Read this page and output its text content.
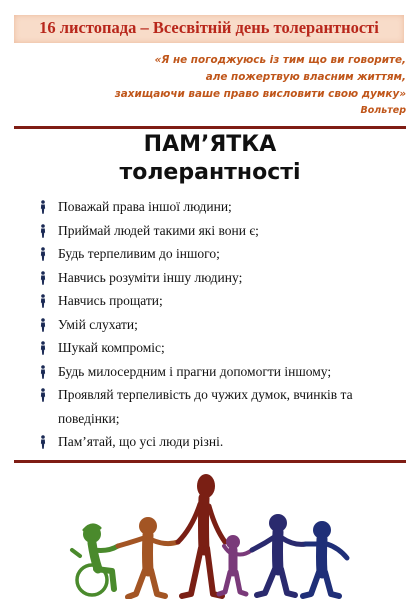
16 листопада – Всесвітній день толерантності
«Я не погоджуюсь із тим що ви говорите,
але пожертвую власним життям,
захищаючи ваше право висловити свою думку»
Вольтер
ПАМ’ЯТКА
толерантності
Поважай права іншої людини;
Приймай людей такими які вони є;
Будь терпеливим до іншого;
Навчись розуміти іншу людину;
Навчись прощати;
Умій слухати;
Шукай компроміс;
Будь милосердним і прагни допомогти іншому;
Проявляй терпеливість до чужих думок, вчинків та поведінки;
Пам’ятай, що усі люди різні.
